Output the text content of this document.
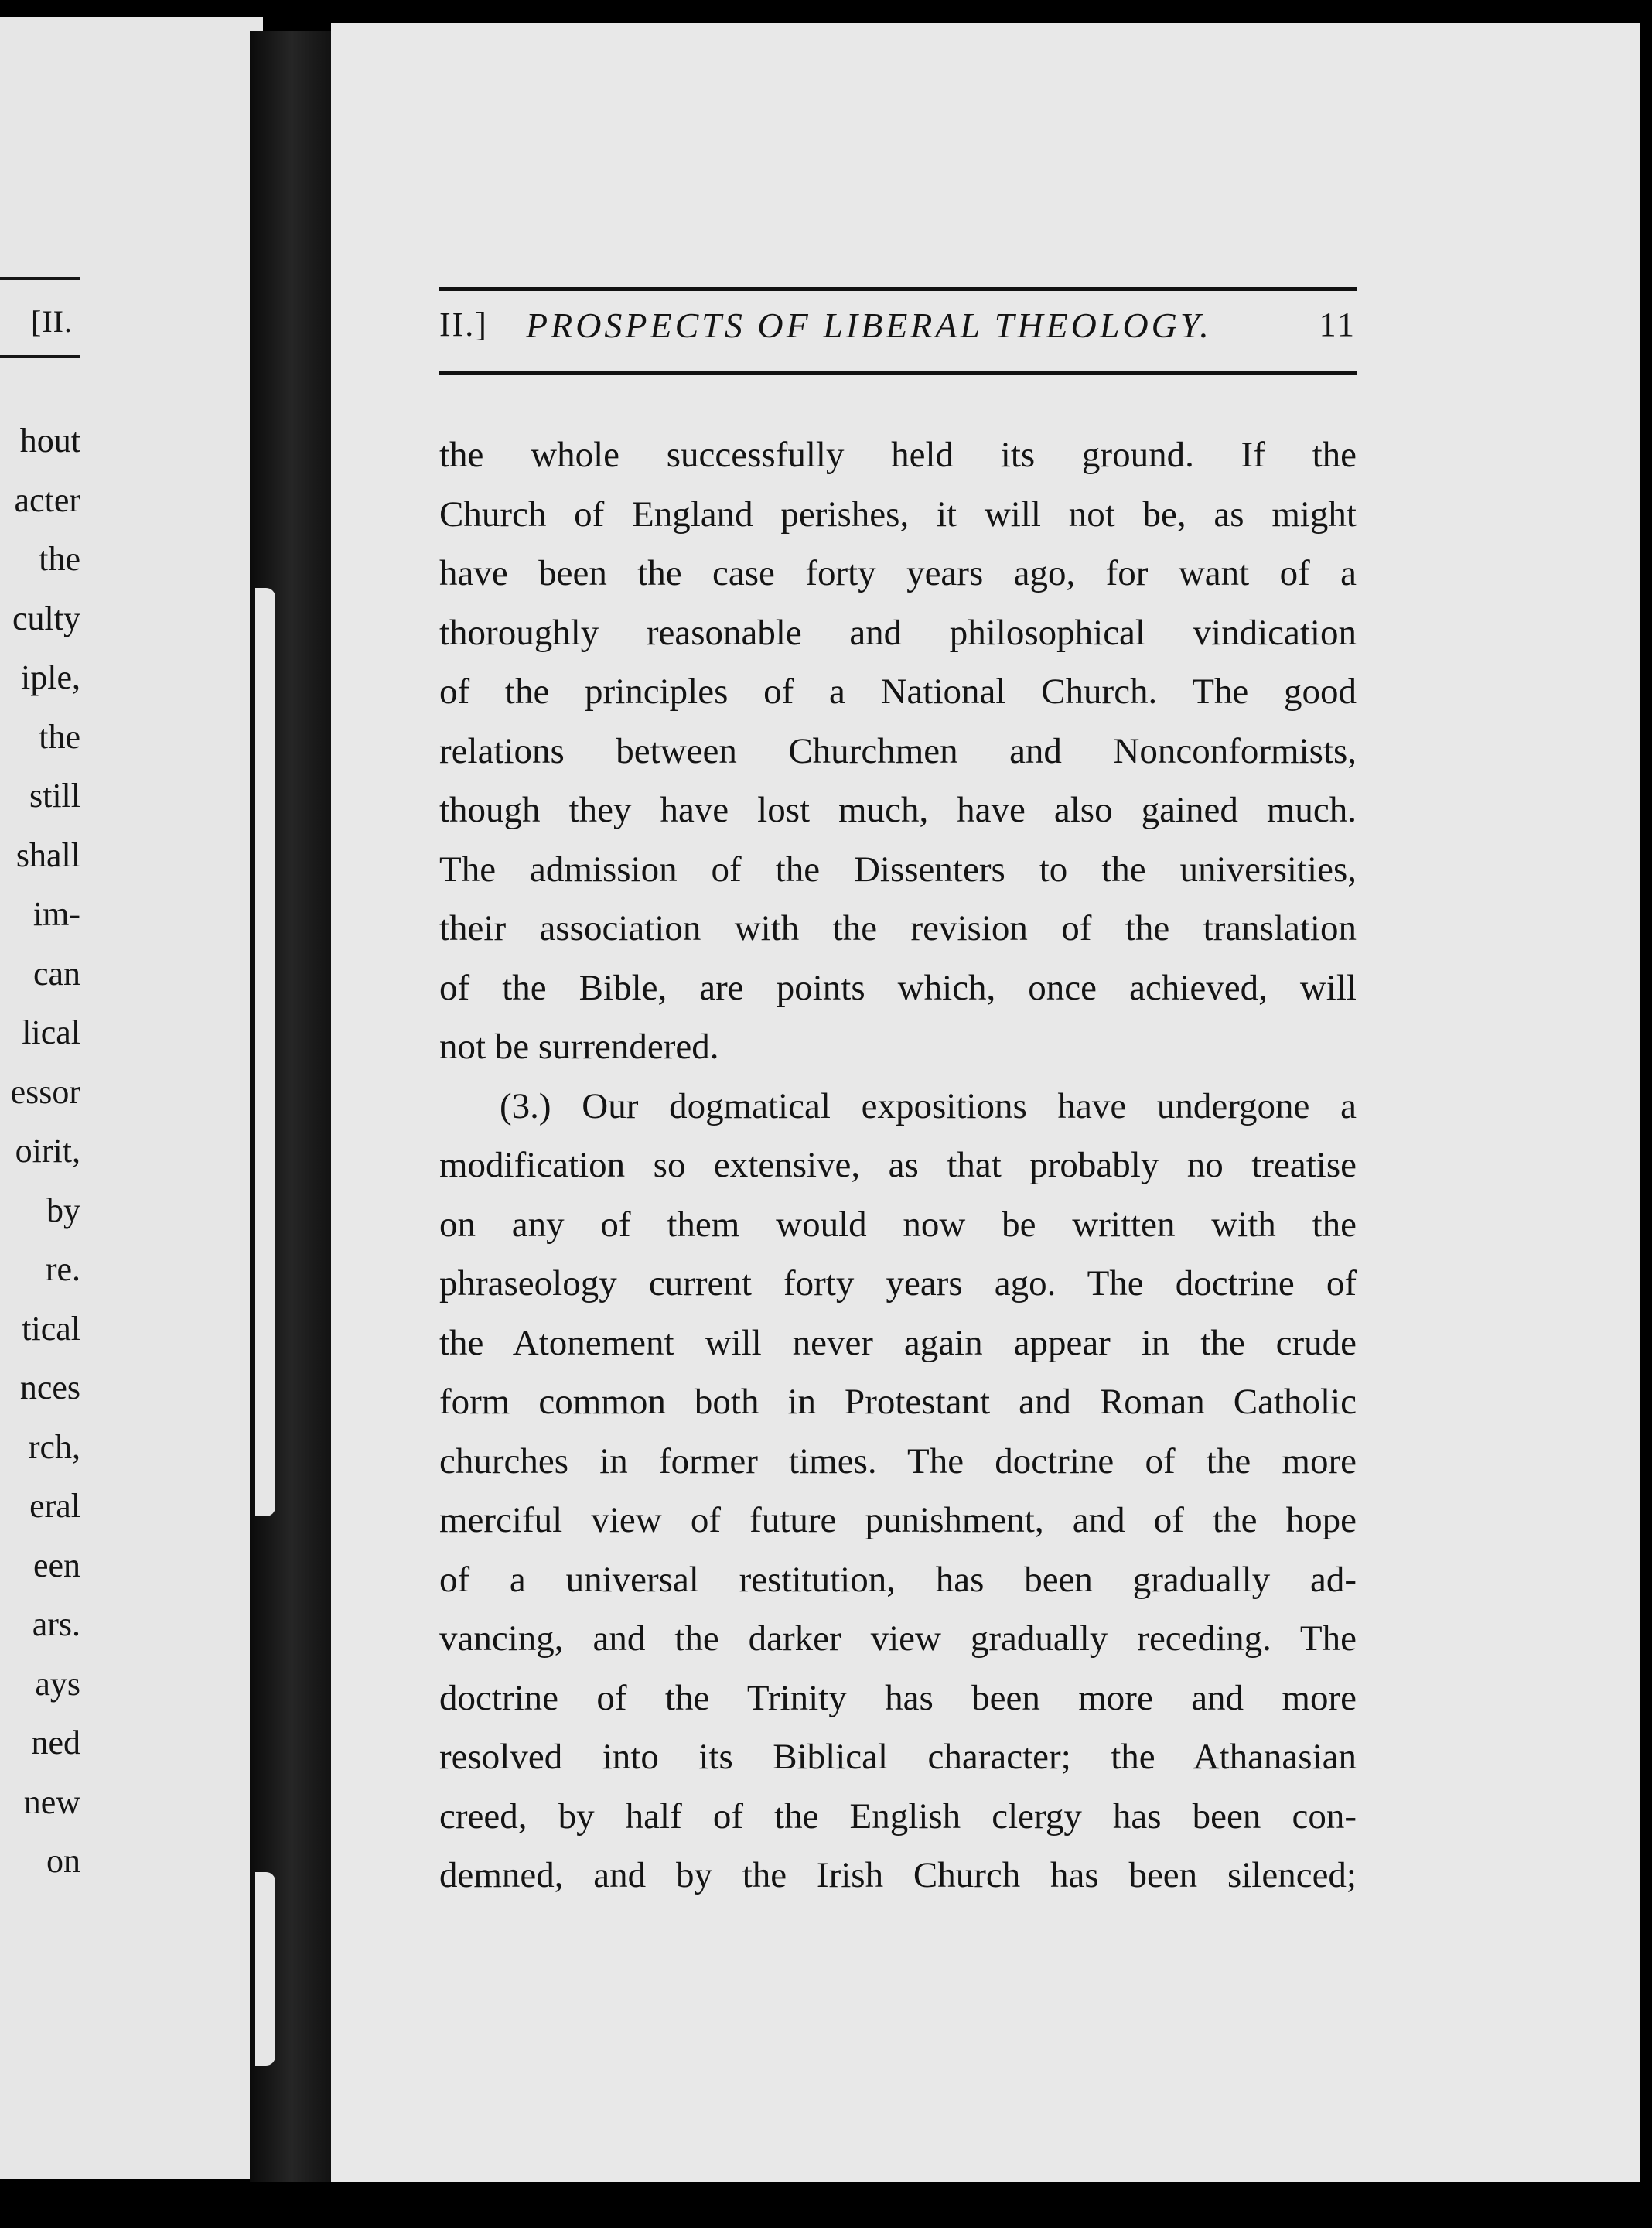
[II.
hout
acter
the
culty
iple,
the
still
shall
im-
can
lical
essor
oirit,
by
re.
tical
nces
rch,
eral
een
ars.
ays
ned
new
on
II.] PROSPECTS OF LIBERAL THEOLOGY.	11
the whole successfully held its ground. If the
Church of England perishes, it will not be, as might
have been the case forty years ago, for want of a
thoroughly reasonable and philosophical vindication
of the principles of a National Church. The good
relations between Churchmen and Nonconformists,
though they have lost much, have also gained much.
The admission of the Dissenters to the universities,
their association with the revision of the translation
of the Bible, are points which, once achieved, will
not be surrendered.
(3.) Our dogmatical expositions have undergone a
modification so extensive, as that probably no treatise
on any of them would now be written with the
phraseology current forty years ago. The doctrine of
the Atonement will never again appear in the crude
form common both in Protestant and Roman Catholic
churches in former times. The doctrine of the more
merciful view of future punishment, and of the hope
of a universal restitution, has been gradually ad-
vancing, and the darker view gradually receding. The
doctrine of the Trinity has been more and more
resolved into its Biblical character; the Athanasian
creed, by half of the English clergy has been con-
demned, and by the Irish Church has been silenced;
